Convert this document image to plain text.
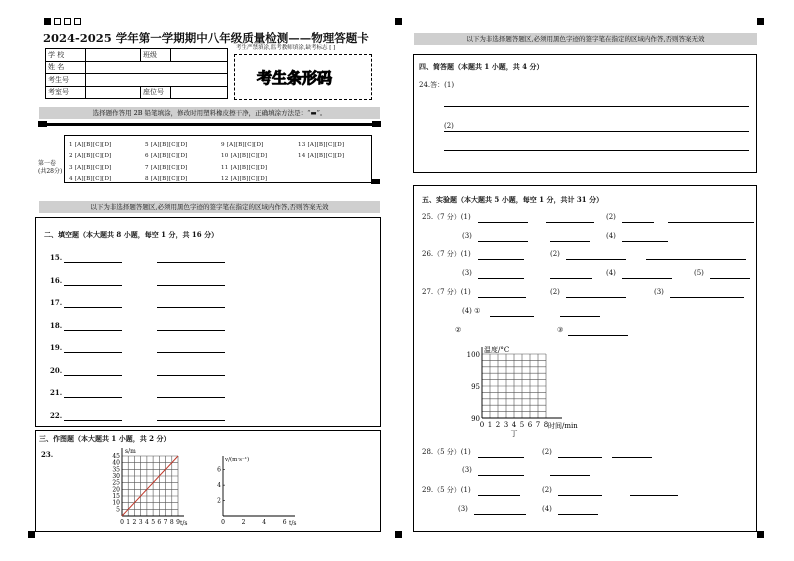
2024-2025 学年第一学期期中八年级质量检测——物理答题卡
学 校		班级	
姓 名			
考生号			
考室号		座位号	
考生严禁填涂,监考教师填涂,缺考标志 [ ]
考生条形码
选择题作答用 2B 铅笔填涂，修改时用塑料橡皮擦干净，正确填涂方法是：“▬”。
第一卷
(共28分)
1 [A][B][C][D]	5 [A][B][C][D]	9 [A][B][C][D]	13 [A][B][C][D]
2 [A][B][C][D]	6 [A][B][C][D]	10 [A][B][C][D]	14 [A][B][C][D]
3 [A][B][C][D]	7 [A][B][C][D]	11 [A][B][C][D]
4 [A][B][C][D]	8 [A][B][C][D]	12 [A][B][C][D]
以下为非选择题答题区,必须用黑色字迹的签字笔在指定的区域内作答,否则答案无效
二、填空题（本大题共 8 小题，每空 1 分，共 16 分）
三、作图题（本大题共 1 小题，共 2 分）
23.	s/m
t/s
45
40
35
30
25
20
15
10
5
0 1 2 3 4 5 6 7 8 9
v/(m·s⁻¹)
t/s
6
4
2
0	2	4	6
以下为非选择题答题区,必须用黑色字迹的签字笔在指定的区域内作答,否则答案无效
四、简答题（本题共 1 小题，共 4 分）
24.答：(1)
(2)
五、实验题（本大题共 5 小题，每空 1 分，共计 31 分）
温度/°C
时间/min
100
95
90
0 1 2 3 4 5 6 7 8
丁
15.
16.
17.
18.
19.
20.
21.
22.
25.（7 分）(1)	(2)
(3)	(4)
26.（7 分）(1)	(2)
(3)	(4)	(5)
27.（7 分）(1)	(2)	(3)
(4) ①
②	③
28.（5 分）(1)	(2)
(3)
29.（5 分）(1)	(2)
(3)	(4)
